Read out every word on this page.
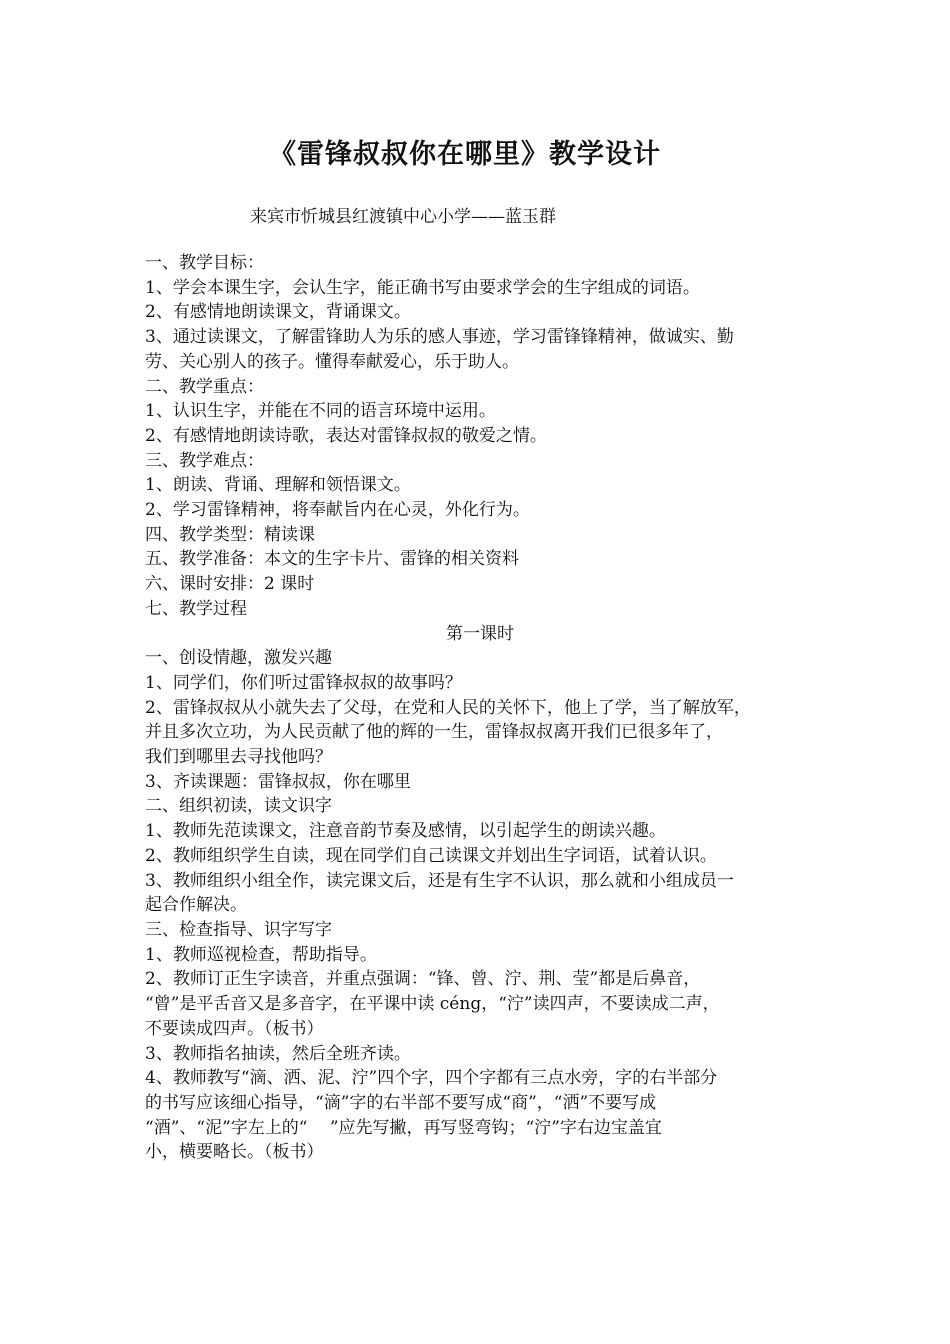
《雷锋叔叔你在哪里》教学设计
来宾市忻城县红渡镇中心小学——蓝玉群
一、教学目标：
1、学会本课生字，会认生字，能正确书写由要求学会的生字组成的词语。
2、有感情地朗读课文，背诵课文。
3、通过读课文，了解雷锋助人为乐的感人事迹，学习雷锋锋精神，做诚实、勤
劳、关心别人的孩子。懂得奉献爱心，乐于助人。
二、教学重点：
1、认识生字，并能在不同的语言环境中运用。
2、有感情地朗读诗歌，表达对雷锋叔叔的敬爱之情。
三、教学难点：
1、朗读、背诵、理解和领悟课文。
2、学习雷锋精神，将奉献旨内在心灵，外化行为。
四、教学类型：精读课
五、教学准备：本文的生字卡片、雷锋的相关资料
六、课时安排：2 课时
七、教学过程
第一课时
一、创设情趣，激发兴趣
1、同学们，你们听过雷锋叔叔的故事吗？
2、雷锋叔叔从小就失去了父母，在党和人民的关怀下，他上了学，当了解放军，
并且多次立功，为人民贡献了他的辉的一生，雷锋叔叔离开我们已很多年了，
我们到哪里去寻找他吗？
3、齐读课题：雷锋叔叔，你在哪里
二、组织初读，读文识字
1、教师先范读课文，注意音韵节奏及感情，以引起学生的朗读兴趣。
2、教师组织学生自读，现在同学们自己读课文并划出生字词语，试着认识。
3、教师组织小组全作，读完课文后，还是有生字不认识，那么就和小组成员一
起合作解决。
三、检查指导、识字写字
1、教师巡视检查，帮助指导。
2、教师订正生字读音，并重点强调：“锋、曾、泞、荆、莹”都是后鼻音，
“曾”是平舌音又是多音字，在平课中读 céng，“泞”读四声，不要读成二声，
不要读成四声。（板书）
3、教师指名抽读，然后全班齐读。
4、教师教写“滴、洒、泥、泞”四个字，四个字都有三点水旁，字的右半部分
的书写应该细心指导，“滴”字的右半部不要写成“商”，“洒”不要写成
“酒”、“泥”字左上的“　 ”应先写撇，再写竖弯钩；“泞”字右边宝盖宜
小，横要略长。（板书）
